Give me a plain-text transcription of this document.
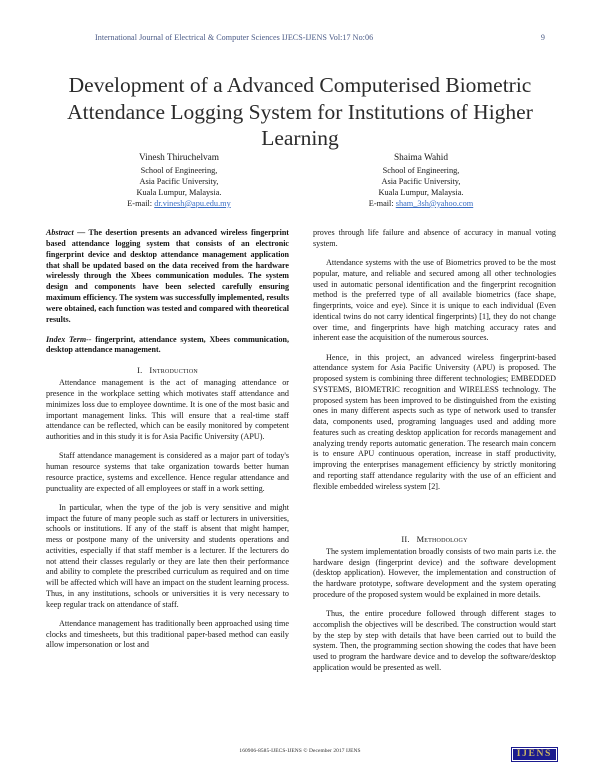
International Journal of Electrical & Computer Sciences IJECS-IJENS Vol:17 No:06	9
Development of a Advanced Computerised Biometric Attendance Logging System for Institutions of Higher Learning
Vinesh Thiruchelvam
School of Engineering,
Asia Pacific University,
Kuala Lumpur, Malaysia.
E-mail: dr.vinesh@apu.edu.my
Shaima Wahid
School of Engineering,
Asia Pacific University,
Kuala Lumpur, Malaysia.
E-mail: sham_3sh@yahoo.com

Abstract — The desertion presents an advanced wireless fingerprint based attendance logging system that consists of an electronic fingerprint device and desktop attendance management application that shall be updated based on the data received from the hardware wirelessly through the Xbees communication modules. The system design and components have been selected carefully ensuring maximum efficiency. The system was successfully implemented, results were obtained, each function was tested and compared with theoretical results.

Index Term-- fingerprint, attendance system, Xbees communication, desktop attendance management.

I. Introduction

Attendance management is the act of managing attendance or presence in the workplace setting which motivates staff attendance and minimizes loss due to employee downtime. It is one of the most basic and important management links. This will ensure that a real-time staff attendance can be reflected, which can be easily monitored by competent authorities and in this study it is for Asia Pacific University (APU).

Staff attendance management is considered as a major part of today's human resource systems that take organization towards better human resource practice, systems and excellence. Hence regular attendance and punctuality are expected of all employees or staff in a work setting.

In particular, when the type of the job is very sensitive and might impact the future of many people such as staff or lecturers in universities, schools or institutions. If any of the staff is absent that might hamper, mess or postpone many of the university and students operations and activities, especially if that staff member is a lecturer. If the lecturers do not attend their classes regularly or they are late then their performance and ability to complete the prescribed curriculum as required and on time will be affected which will have an impact on the student learning process. Thus, in any institutions, schools or universities it is very necessary to keep regular track on attendance of staff.

Attendance management has traditionally been approached using time clocks and timesheets, but this traditional paper-based method can easily allow impersonation or lost and

proves through life failure and absence of accuracy in manual voting system.

Attendance systems with the use of Biometrics proved to be the most popular, mature, and reliable and secured among all other technologies used in automatic personal identification and the fingerprint recognition method is the preferred type of all available biometrics (face shape, fingerprints, voice and eye). Since it is unique to each individual (Even identical twins do not carry identical fingerprints) [1], they do not change over time, and fingerprints have high matching accuracy rates and inherent ease the acquisition of the numerous sources.

Hence, in this project, an advanced wireless fingerprint-based attendance system for Asia Pacific University (APU) is proposed. The proposed system is combining three different technologies; EMBEDDED SYSTEMS, BIOMETRIC recognition and WIRELESS technology. The proposed system has been improved to be distinguished from the existing ones in many different aspects such as type of network used to transfer data, components used, programing languages used and adding more features such as creating desktop application for records management and analyzing trendy reports automatic generation. The research main concern is to ensure APU continuous operation, increase in staff productivity, improving the enterprises management efficiency by strictly monitoring and reporting staff attendance regularity with the use of an efficient and flexible embedded wireless system [2].

II. Methodology

The system implementation broadly consists of two main parts i.e. the hardware design (fingerprint device) and the software development (desktop application). However, the implementation and construction of the hardware prototype, software development and the system operating procedure of the proposed system would be explained in more details.

Thus, the entire procedure followed through different stages to accomplish the objectives will be described. The construction would start by the step by step with details that have been carried out to build the system. Then, the programming section showing the codes that have been used to program the hardware device and to develop the software/desktop application would be presented as well.

160906-8585-IJECS-IJENS © December 2017 IJENS	IJENS
